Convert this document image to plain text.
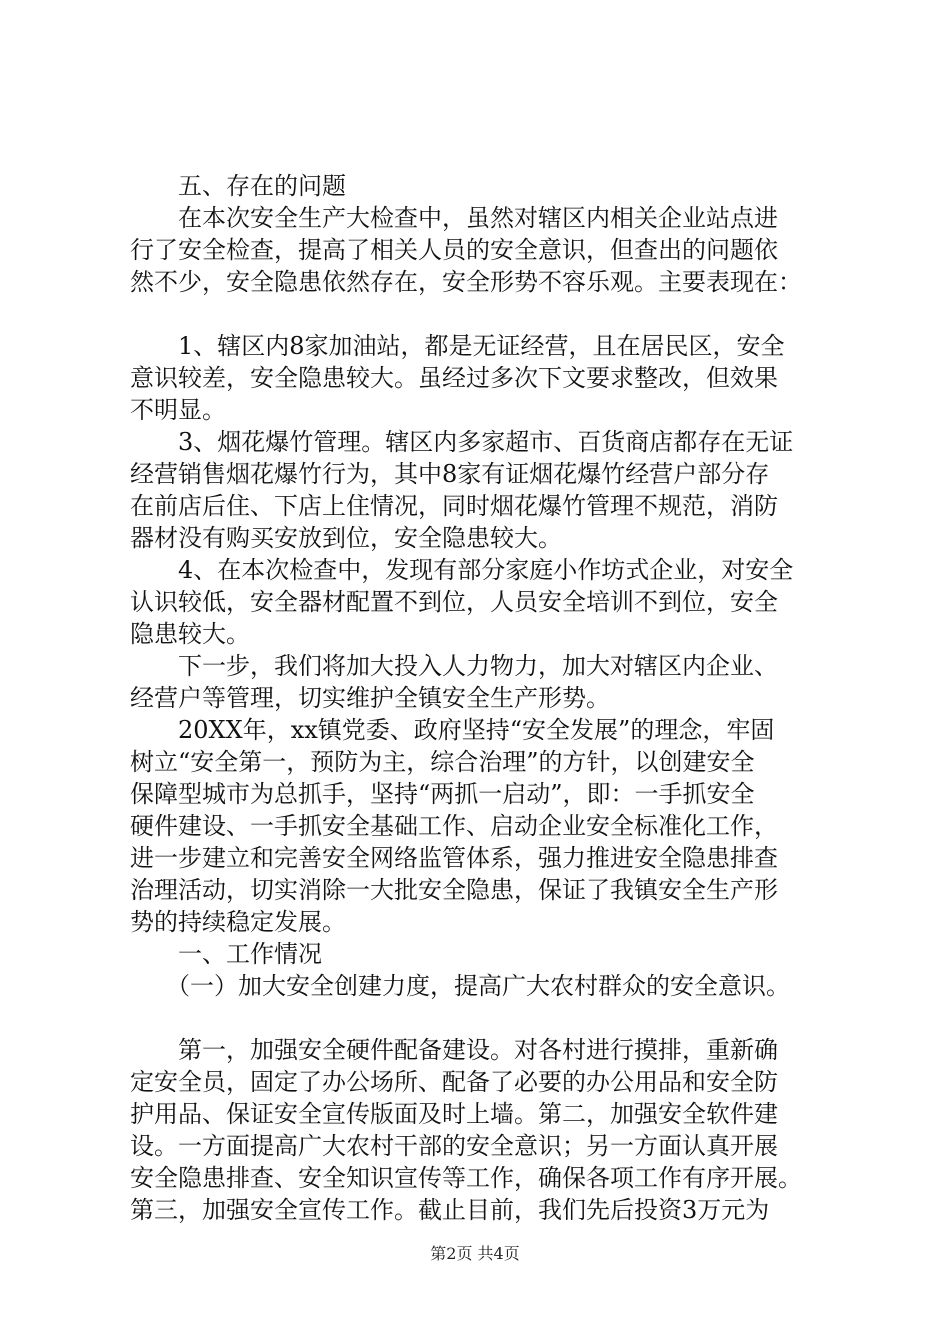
　　五、存在的问题
　　在本次安全生产大检查中，虽然对辖区内相关企业站点进
行了安全检查，提高了相关人员的安全意识，但查出的问题依
然不少，安全隐患依然存在，安全形势不容乐观。主要表现在：
　　1、辖区内8家加油站，都是无证经营，且在居民区，安全
意识较差，安全隐患较大。虽经过多次下文要求整改，但效果
不明显。
　　3、烟花爆竹管理。辖区内多家超市、百货商店都存在无证
经营销售烟花爆竹行为，其中8家有证烟花爆竹经营户部分存
在前店后住、下店上住情况，同时烟花爆竹管理不规范，消防
器材没有购买安放到位，安全隐患较大。
　　4、在本次检查中，发现有部分家庭小作坊式企业，对安全
认识较低，安全器材配置不到位，人员安全培训不到位，安全
隐患较大。
　　下一步，我们将加大投入人力物力，加大对辖区内企业、
经营户等管理，切实维护全镇安全生产形势。
　　20XX年，xx镇党委、政府坚持“安全发展”的理念，牢固
树立“安全第一，预防为主，综合治理”的方针，以创建安全
保障型城市为总抓手，坚持“两抓一启动”，即：一手抓安全
硬件建设、一手抓安全基础工作、启动企业安全标准化工作，
进一步建立和完善安全网络监管体系，强力推进安全隐患排查
治理活动，切实消除一大批安全隐患，保证了我镇安全生产形
势的持续稳定发展。
　　一、工作情况
　　（一）加大安全创建力度，提高广大农村群众的安全意识。
　　第一，加强安全硬件配备建设。对各村进行摸排，重新确
定安全员，固定了办公场所、配备了必要的办公用品和安全防
护用品、保证安全宣传版面及时上墙。第二，加强安全软件建
设。一方面提高广大农村干部的安全意识；另一方面认真开展
安全隐患排查、安全知识宣传等工作，确保各项工作有序开展。
第三，加强安全宣传工作。截止目前，我们先后投资3万元为
第2页 共4页
